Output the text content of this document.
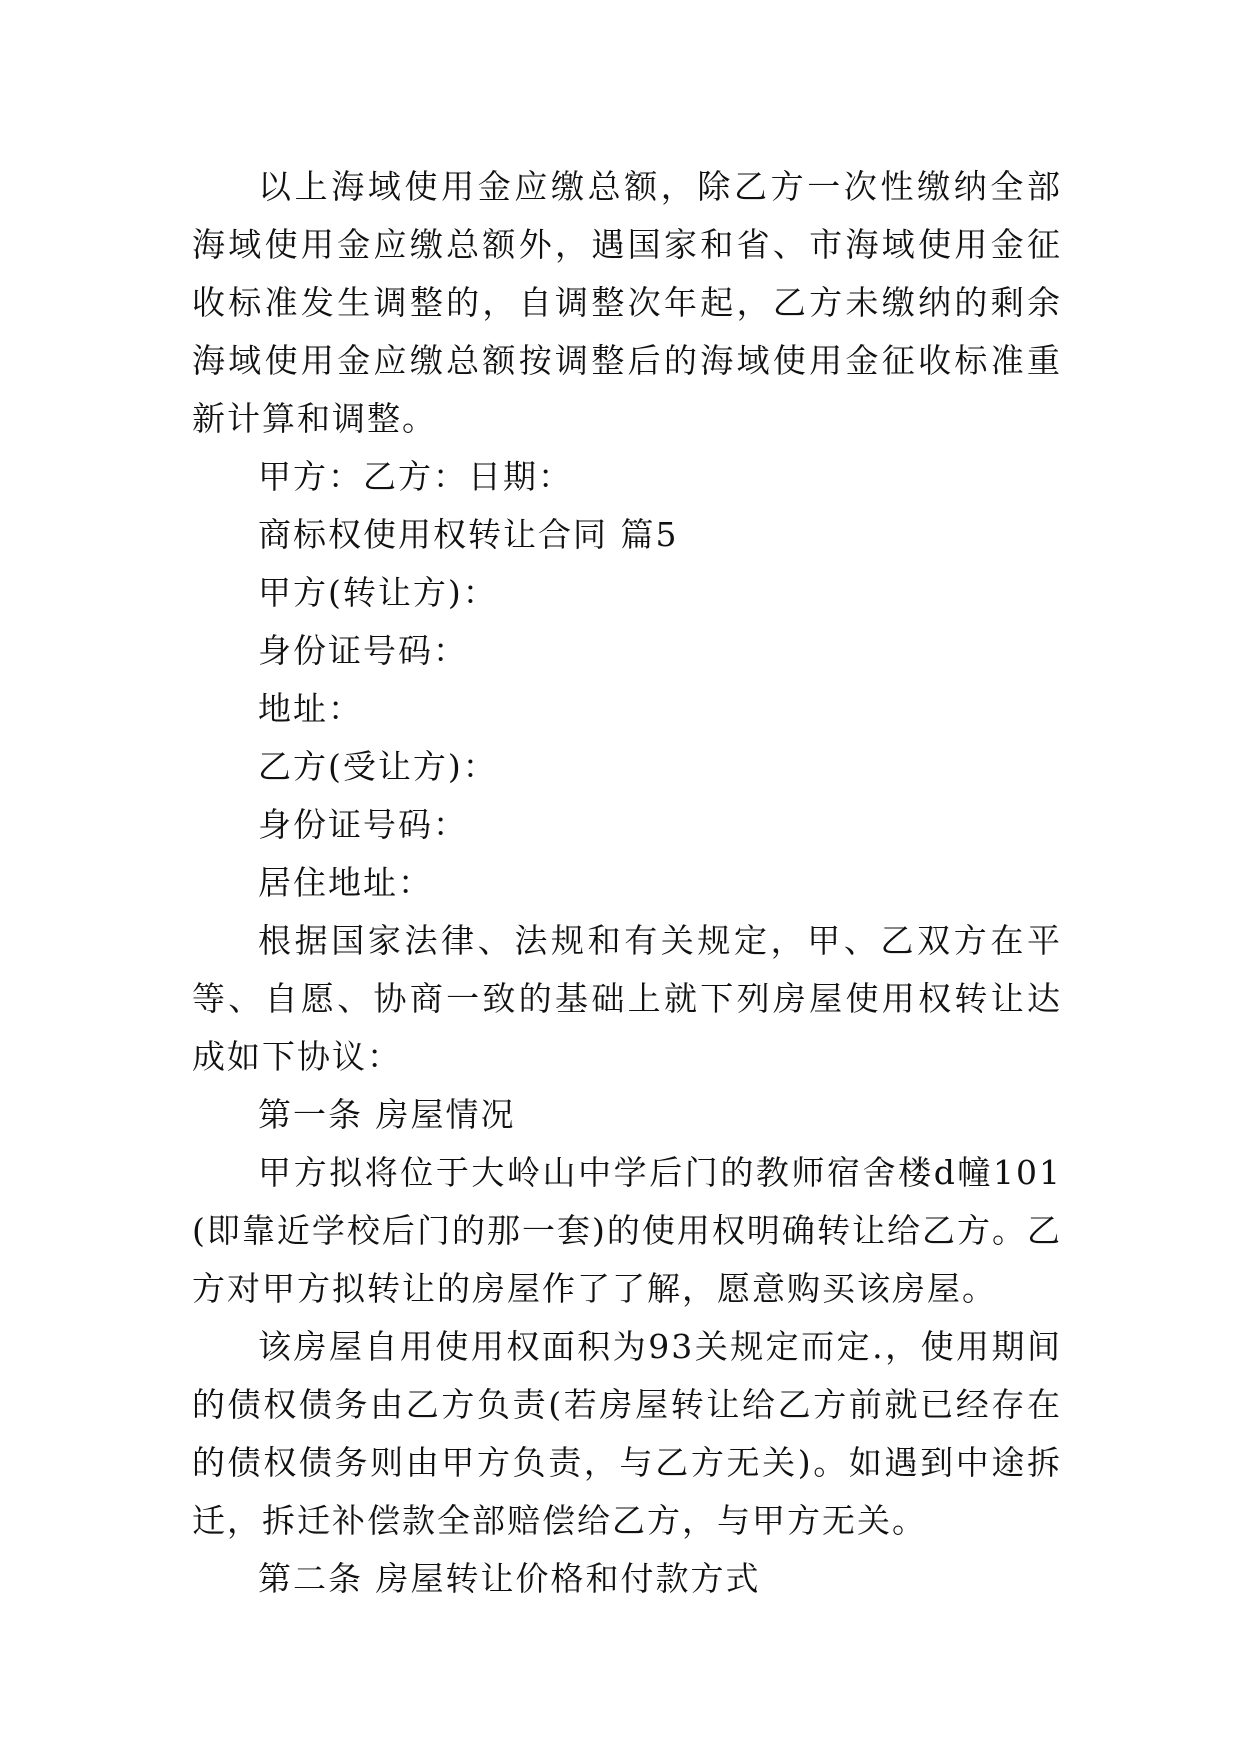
以上海域使用金应缴总额，除乙方一次性缴纳全部海域使用金应缴总额外，遇国家和省、市海域使用金征收标准发生调整的，自调整次年起，乙方未缴纳的剩余海域使用金应缴总额按调整后的海域使用金征收标准重新计算和调整。

甲方：乙方：日期：

商标权使用权转让合同 篇5

甲方(转让方)：

身份证号码：

地址：

乙方(受让方)：

身份证号码：

居住地址：

根据国家法律、法规和有关规定，甲、乙双方在平等、自愿、协商一致的基础上就下列房屋使用权转让达成如下协议：

第一条 房屋情况

甲方拟将位于大岭山中学后门的教师宿舍楼d幢101(即靠近学校后门的那一套)的使用权明确转让给乙方。乙方对甲方拟转让的房屋作了了解，愿意购买该房屋。

该房屋自用使用权面积为93关规定而定.，使用期间的债权债务由乙方负责(若房屋转让给乙方前就已经存在的债权债务则由甲方负责，与乙方无关)。如遇到中途拆迁，拆迁补偿款全部赔偿给乙方，与甲方无关。

第二条 房屋转让价格和付款方式
